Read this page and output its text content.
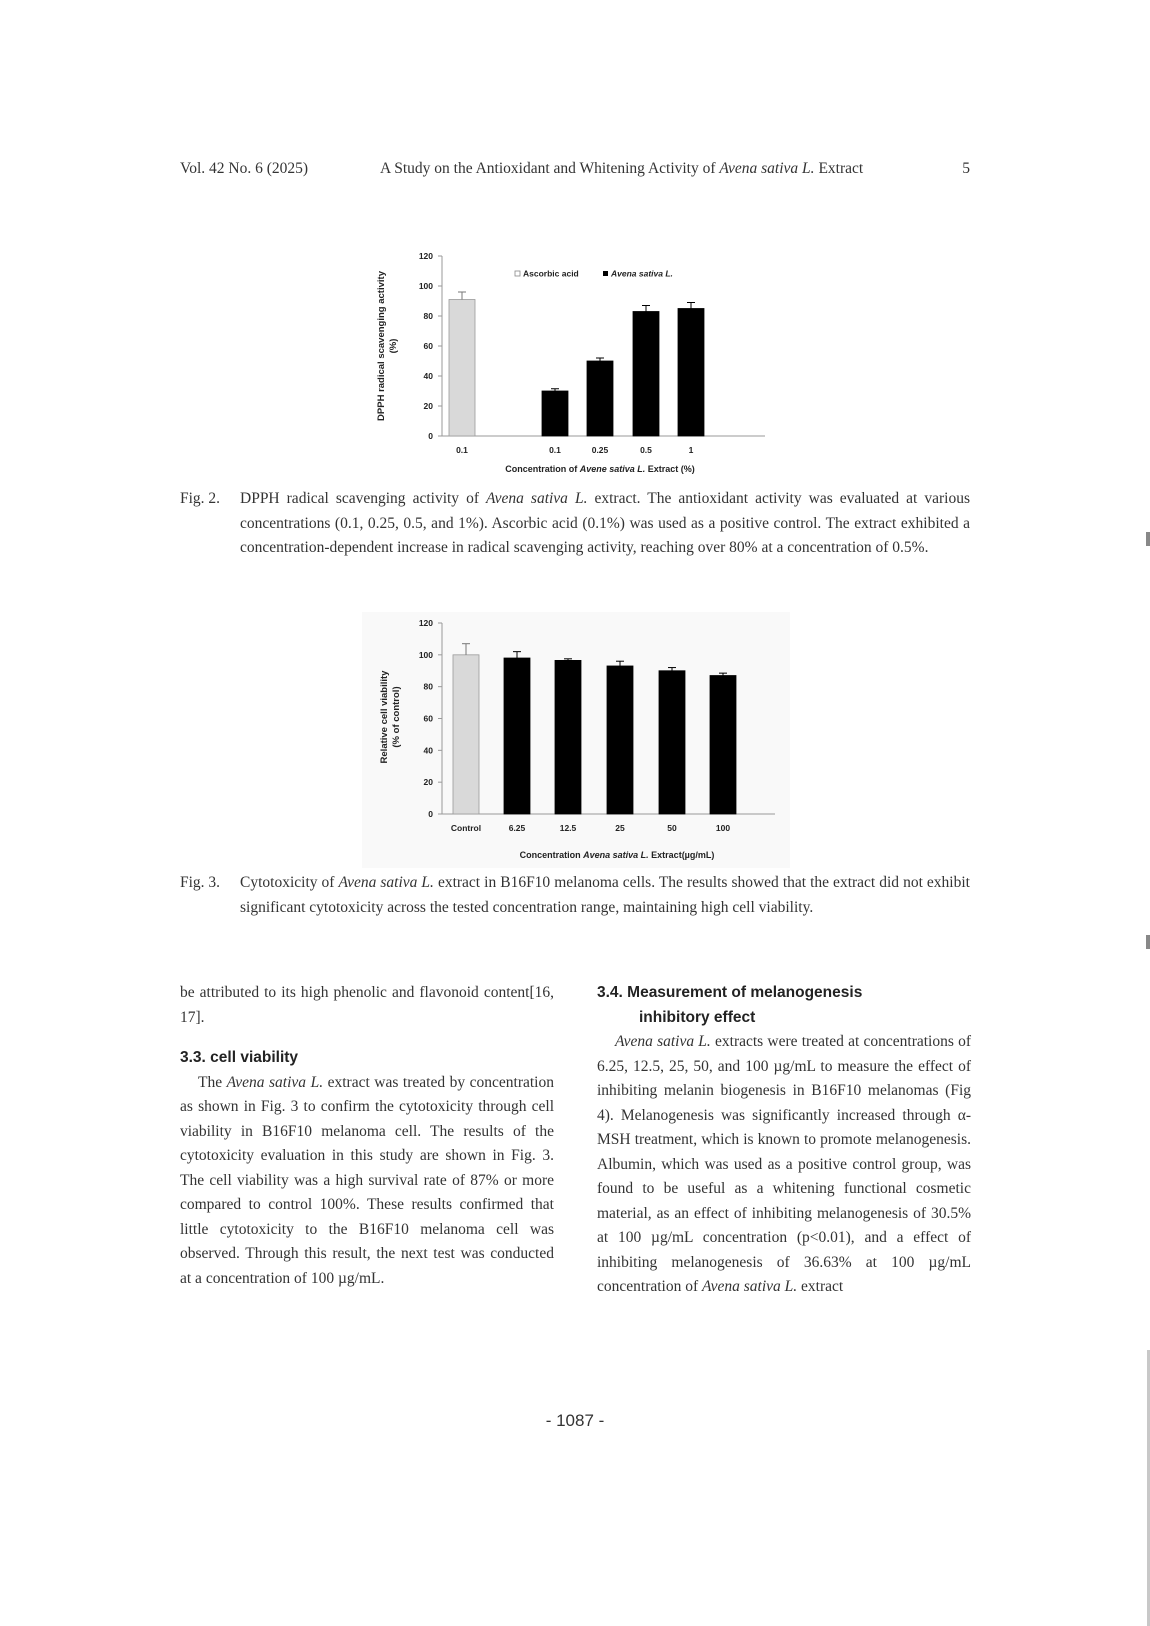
Vol. 42 No. 6 (2025)	A Study on the Antioxidant and Whitening Activity of Avena sativa L. Extract	5
0
20
40
60
80
100
120
0.1	0.1	0.25	0.5	1
Ascorbic acid	Avena sativa L.
DPPH radical scavenging activity (%)
Concentration of Avene sativa L. Extract (%)
Fig. 2.	DPPH radical scavenging activity of Avena sativa L. extract. The antioxidant activity was evaluated at various concentrations (0.1, 0.25, 0.5, and 1%). Ascorbic acid (0.1%) was used as a positive control. The extract exhibited a concentration-dependent increase in radical scavenging activity, reaching over 80% at a concentration of 0.5%.
0
20
40
60
80
100
120
Control	6.25	12.5	25	50	100
Relative cell viability (% of control)
Concentration Avena sativa L. Extract(µg/mL)
Fig. 3.	Cytotoxicity of Avena sativa L. extract in B16F10 melanoma cells. The results showed that the extract did not exhibit significant cytotoxicity across the tested concentration range, maintaining high cell viability.

be attributed to its high phenolic and flavonoid content[16, 17].

3.3. cell viability

The Avena sativa L. extract was treated by concentration as shown in Fig. 3 to confirm the cytotoxicity through cell viability in B16F10 melanoma cell. The results of the cytotoxicity evaluation in this study are shown in Fig. 3. The cell viability was a high survival rate of 87% or more compared to control 100%. These results confirmed that little cytotoxicity to the B16F10 melanoma cell was observed. Through this result, the next test was conducted at a concentration of 100 µg/mL.

3.4. Measurement of melanogenesis
inhibitory effect

Avena sativa L. extracts were treated at concentrations of 6.25, 12.5, 25, 50, and 100 µg/mL to measure the effect of inhibiting melanin biogenesis in B16F10 melanomas (Fig 4). Melanogenesis was significantly increased through α-MSH treatment, which is known to promote melanogenesis. Albumin, which was used as a positive control group, was found to be useful as a whitening functional cosmetic material, as an effect of inhibiting melanogenesis of 30.5% at 100 µg/mL concentration (p<0.01), and a effect of inhibiting melanogenesis of 36.63% at 100 µg/mL concentration of Avena sativa L. extract

- 1087 -
